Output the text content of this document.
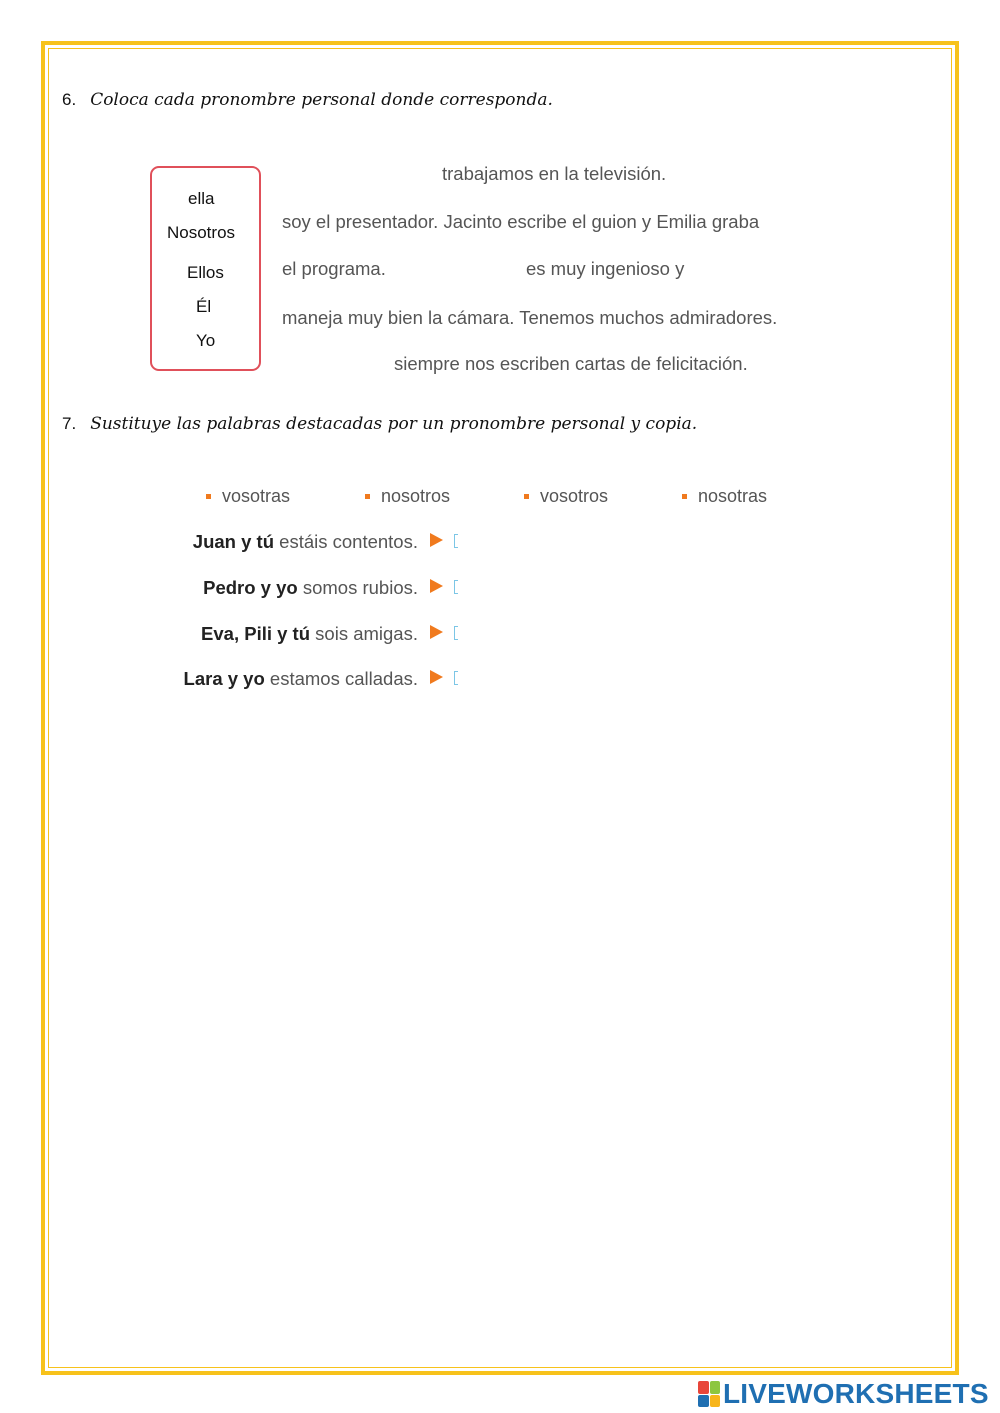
6. Coloca cada pronombre personal donde corresponda.
ella
Nosotros
Ellos
Él
Yo
trabajamos en la televisión.
soy el presentador. Jacinto escribe el guion y Emilia graba
el programa.	es muy ingenioso y
maneja muy bien la cámara. Tenemos muchos admiradores.
siempre nos escriben cartas de felicitación.
7. Sustituye las palabras destacadas por un pronombre personal y copia.
vosotras	nosotros	vosotros	nosotras
Juan y tú estáis contentos.
Pedro y yo somos rubios.
Eva, Pili y tú sois amigas.
Lara y yo estamos calladas.
LIVEWORKSHEETS
